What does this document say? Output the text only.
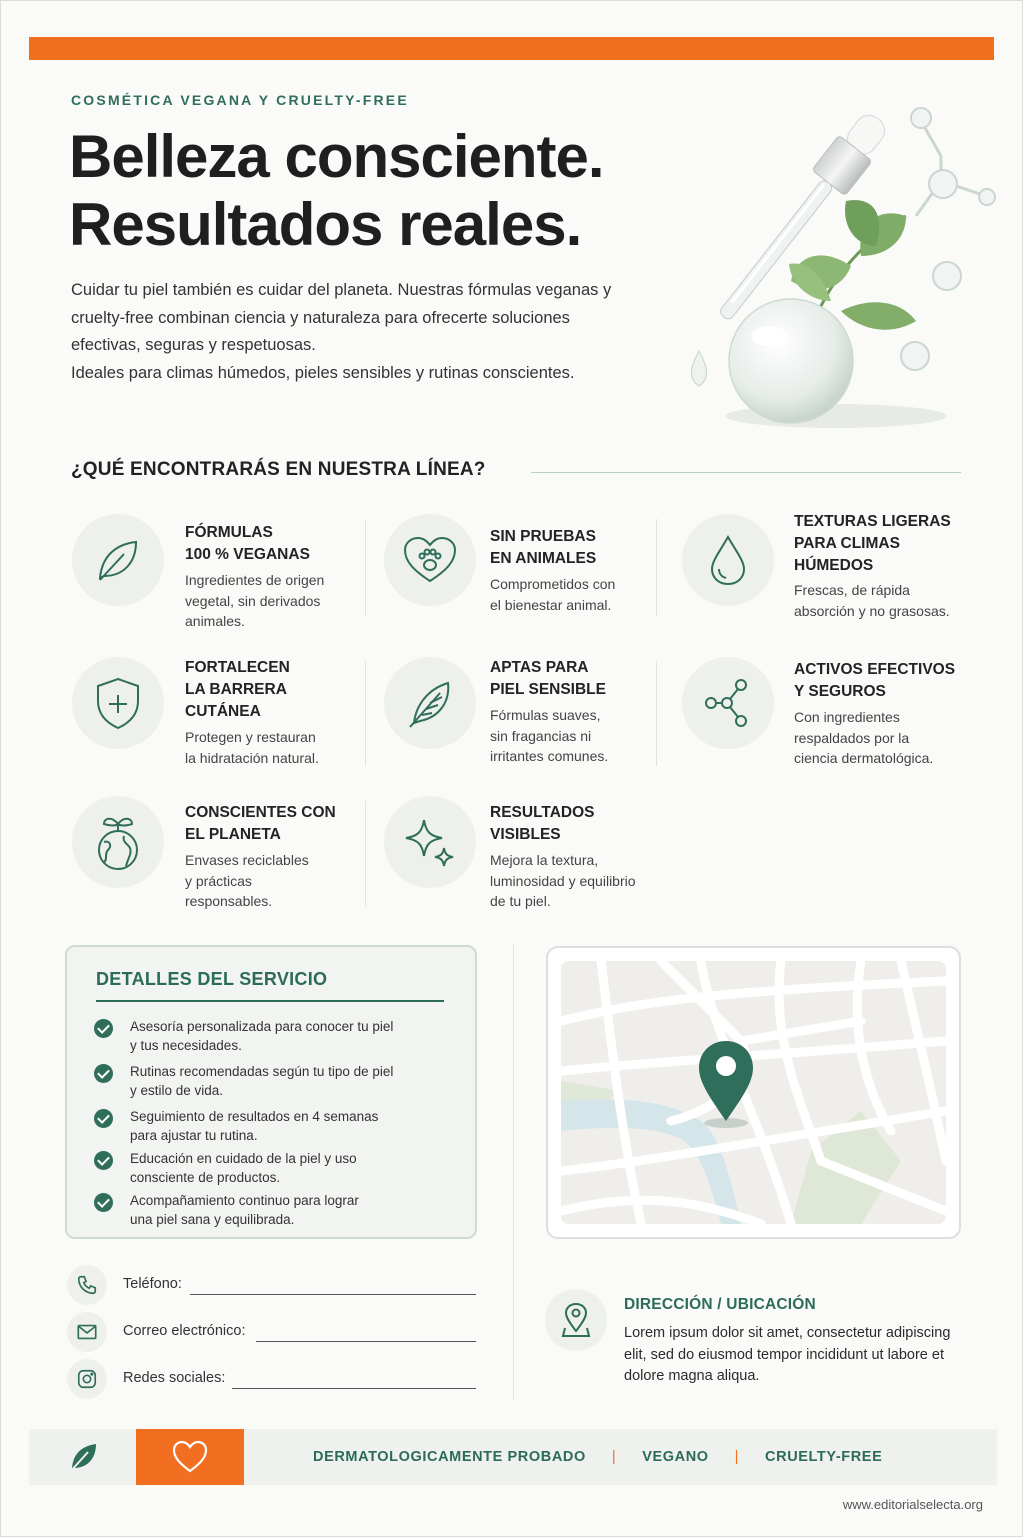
COSMÉTICA VEGANA Y CRUELTY-FREE
Belleza consciente.
Resultados reales.

Cuidar tu piel también es cuidar del planeta. Nuestras fórmulas veganas y cruelty-free combinan ciencia y naturaleza para ofrecerte soluciones efectivas, seguras y respetuosas.

Ideales para climas húmedos, pieles sensibles y rutinas conscientes.

¿QUÉ ENCONTRARÁS EN NUESTRA LÍNEA?
FÓRMULAS
100 % VEGANAS
Ingredientes de origen
vegetal, sin derivados
animales.
SIN PRUEBAS
EN ANIMALES
Comprometidos con
el bienestar animal.
TEXTURAS LIGERAS
PARA CLIMAS
HÚMEDOS
Frescas, de rápida
absorción y no grasosas.
FORTALECEN
LA BARRERA
CUTÁNEA
Protegen y restauran
la hidratación natural.
APTAS PARA
PIEL SENSIBLE
Fórmulas suaves,
sin fragancias ni
irritantes comunes.
ACTIVOS EFECTIVOS
Y SEGUROS
Con ingredientes
respaldados por la
ciencia dermatológica.
CONSCIENTES CON
EL PLANETA
Envases reciclables
y prácticas
responsables.
RESULTADOS
VISIBLES
Mejora la textura,
luminosidad y equilibrio
de tu piel.
DETALLES DEL SERVICIO
Asesoría personalizada para conocer tu piel
y tus necesidades.
Rutinas recomendadas según tu tipo de piel
y estilo de vida.
Seguimiento de resultados en 4 semanas
para ajustar tu rutina.
Educación en cuidado de la piel y uso
consciente de productos.
Acompañamiento continuo para lograr
una piel sana y equilibrada.
Teléfono:
Correo electrónico:
Redes sociales:
DIRECCIÓN / UBICACIÓN
Lorem ipsum dolor sit amet, consectetur adipiscing elit, sed do eiusmod tempor incididunt ut labore et dolore magna aliqua.
DERMATOLOGICAMENTE PROBADO | VEGANO | CRUELTY-FREE
www.editorialselecta.org
